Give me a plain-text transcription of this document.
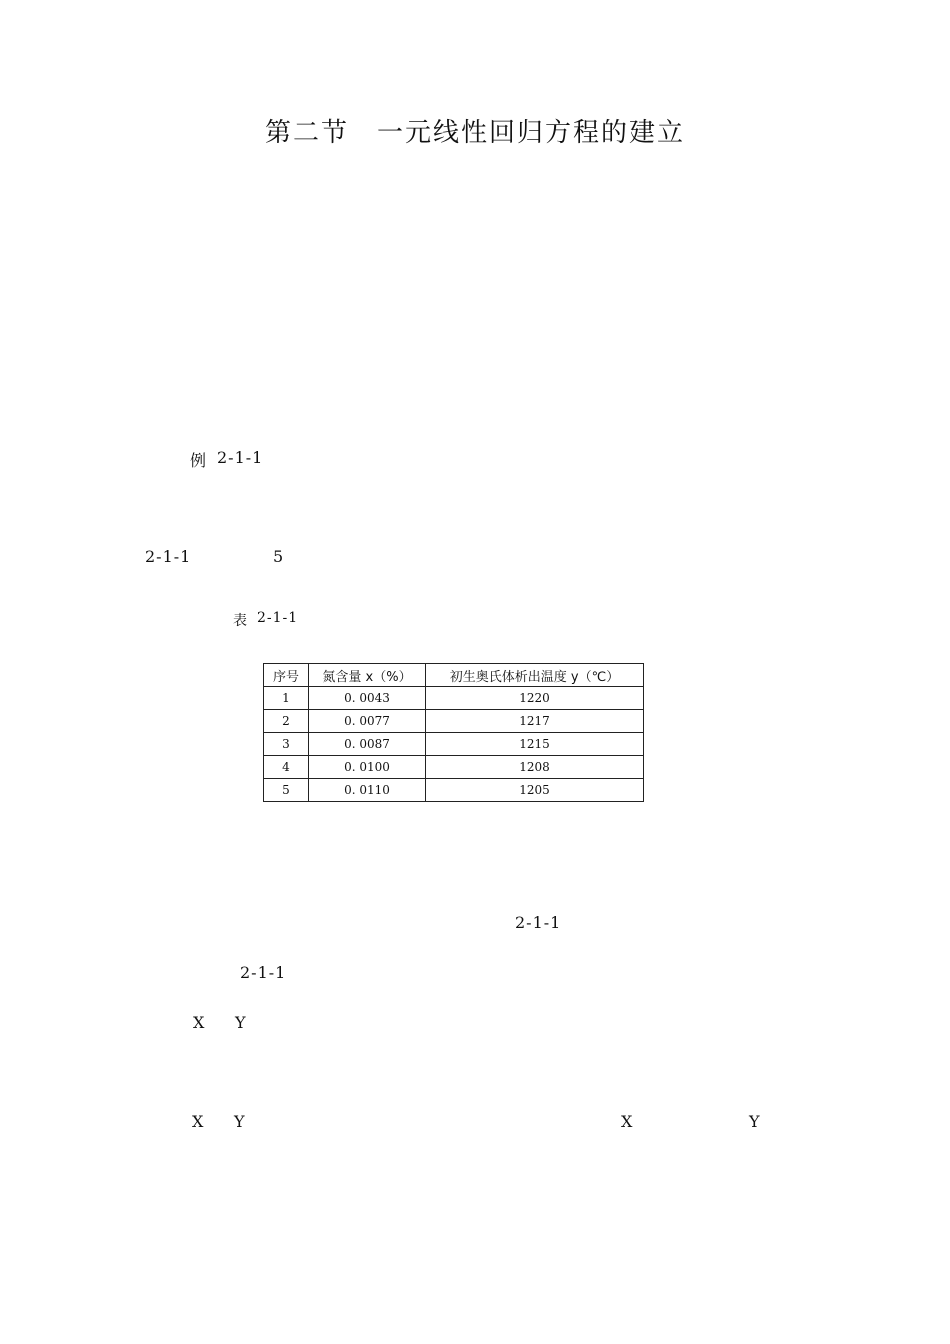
第二节　一元线性回归方程的建立
例 2-1-1
2-1-1	5
表 2-1-1
序号	氮含量 x（%）	初生奥氏体析出温度 y（℃）
1	0. 0043	1220
2	0. 0077	1217
3	0. 0087	1215
4	0. 0100	1208
5	0. 0110	1205
2-1-1
2-1-1
X Y
X Y	X	Y
